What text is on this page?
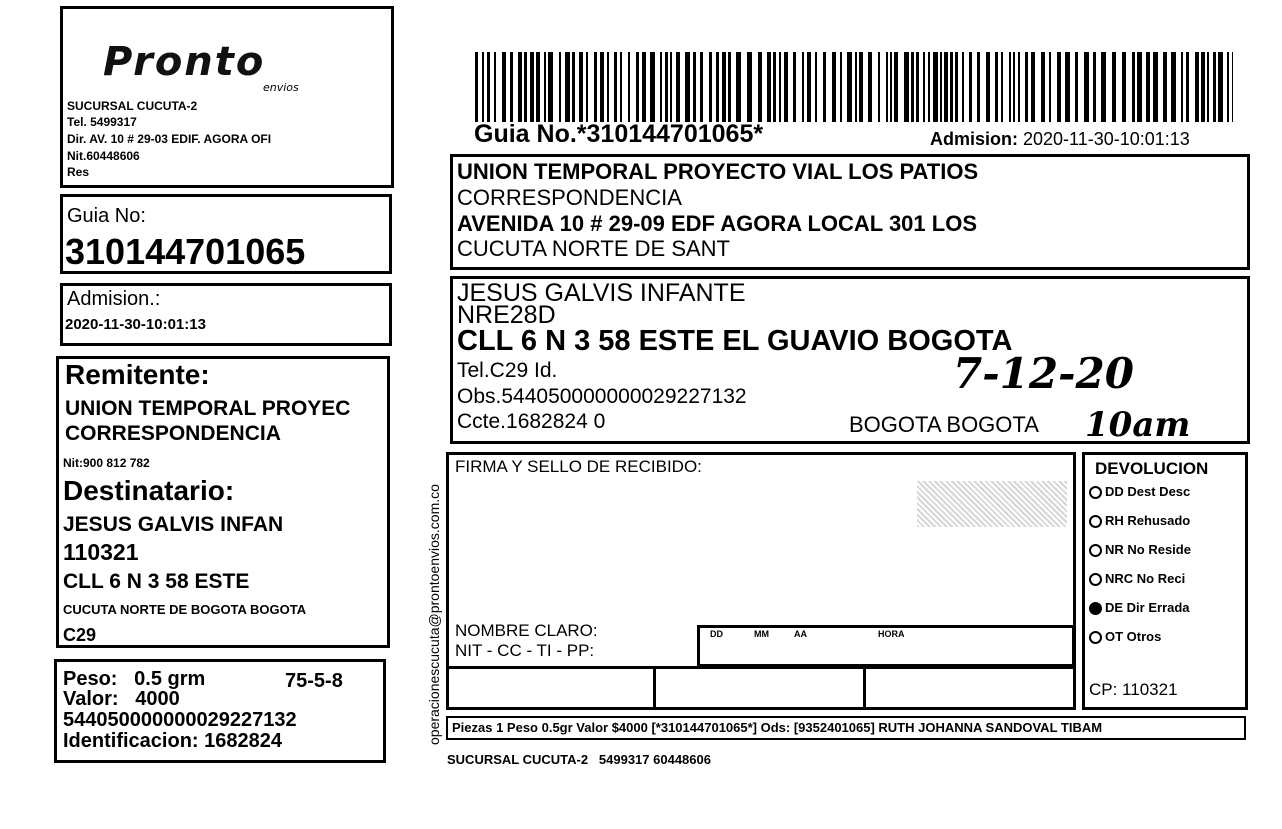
Pronto
envios
SUCURSAL CUCUTA-2
Tel. 5499317
Dir. AV. 10 # 29-03 EDIF. AGORA OFI
Nit.60448606
Res
Guia No:
310144701065
Admision.:
2020-11-30-10:01:13
Remitente:
UNION TEMPORAL PROYEC
CORRESPONDENCIA
Nit:900 812 782
Destinatario:
JESUS GALVIS INFAN
110321
CLL 6 N 3 58 ESTE
CUCUTA NORTE DE BOGOTA BOGOTA
C29
Peso:   0.5 grm	75-5-8
Valor:   4000
544050000000029227132
Identificacion: 1682824	operacionescucuta@prontoenvios.com.co
Guia No.*310144701065*	Admision: 2020-11-30-10:01:13
UNION TEMPORAL PROYECTO VIAL LOS PATIOS
CORRESPONDENCIA
AVENIDA 10 # 29-09 EDF AGORA LOCAL 301 LOS
CUCUTA NORTE DE SANT
JESUS GALVIS INFANTE
NRE28D
CLL 6 N 3 58 ESTE EL GUAVIO BOGOTA
Tel.C29 Id.
Obs.544050000000029227132
Ccte.1682824 0	BOGOTA BOGOTA
7-12-20
10am
FIRMA Y SELLO DE RECIBIDO:
NOMBRE CLARO:
NIT - CC - TI - PP:
DD	MM	AA	HORA
DEVOLUCION
DD Dest Desc
RH Rehusado
NR No Reside
NRC No Reci
DE Dir Errada
OT Otros
CP: 110321
Piezas 1 Peso 0.5gr Valor $4000 [*310144701065*] Ods: [9352401065] RUTH JOHANNA SANDOVAL TIBAM
SUCURSAL CUCUTA-2   5499317 60448606
